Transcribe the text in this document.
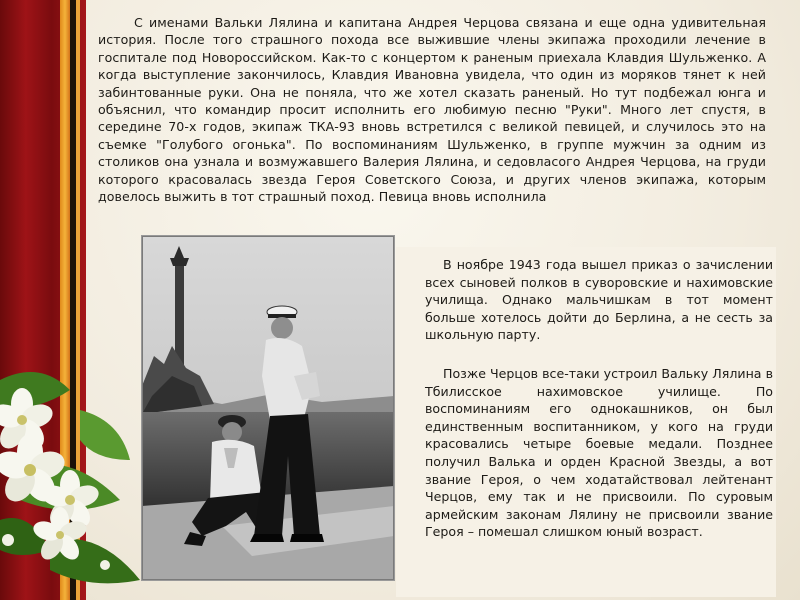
С именами Вальки Лялина и капитана Андрея Черцова связана и еще одна удивительная история. После того страшного похода все выжившие члены экипажа проходили лечение в госпитале под Новороссийском. Как-то с концертом к раненым приехала Клавдия Шульженко. А когда выступление закончилось, Клавдия Ивановна увидела, что один из моряков тянет к ней забинтованные руки. Она не поняла, что же хотел сказать раненый. Но тут подбежал юнга и объяснил, что командир просит исполнить его любимую песню "Руки". Много лет спустя, в середине 70-х годов, экипаж ТКА-93 вновь встретился с великой певицей, и случилось это на съемке "Голубого огонька". По воспоминаниям Шульженко, в группе мужчин за одним из столиков она узнала и возмужавшего Валерия Лялина, и седовласого Андрея Черцова, на груди которого красовалась звезда Героя Советского Союза, и других членов экипажа, которым довелось выжить в тот страшный поход. Певица вновь исполнила

В ноябре 1943 года вышел приказ о зачислении всех сыновей полков в суворовские и нахимовские училища. Однако мальчишкам в тот момент больше хотелось дойти до Берлина, а не сесть за школьную парту.

Позже Черцов все-таки устроил Вальку Лялина в Тбилисское нахимовское училище. По воспоминаниям его однокашников, он был единственным воспитанником, у кого на груди красовались четыре боевые медали. Позднее получил Валька и орден Красной Звезды, а вот звание Героя, о чем ходатайствовал лейтенант Черцов, ему так и не присвоили. По суровым армейским законам Лялину не присвоили звание Героя – помешал слишком юный возраст.
